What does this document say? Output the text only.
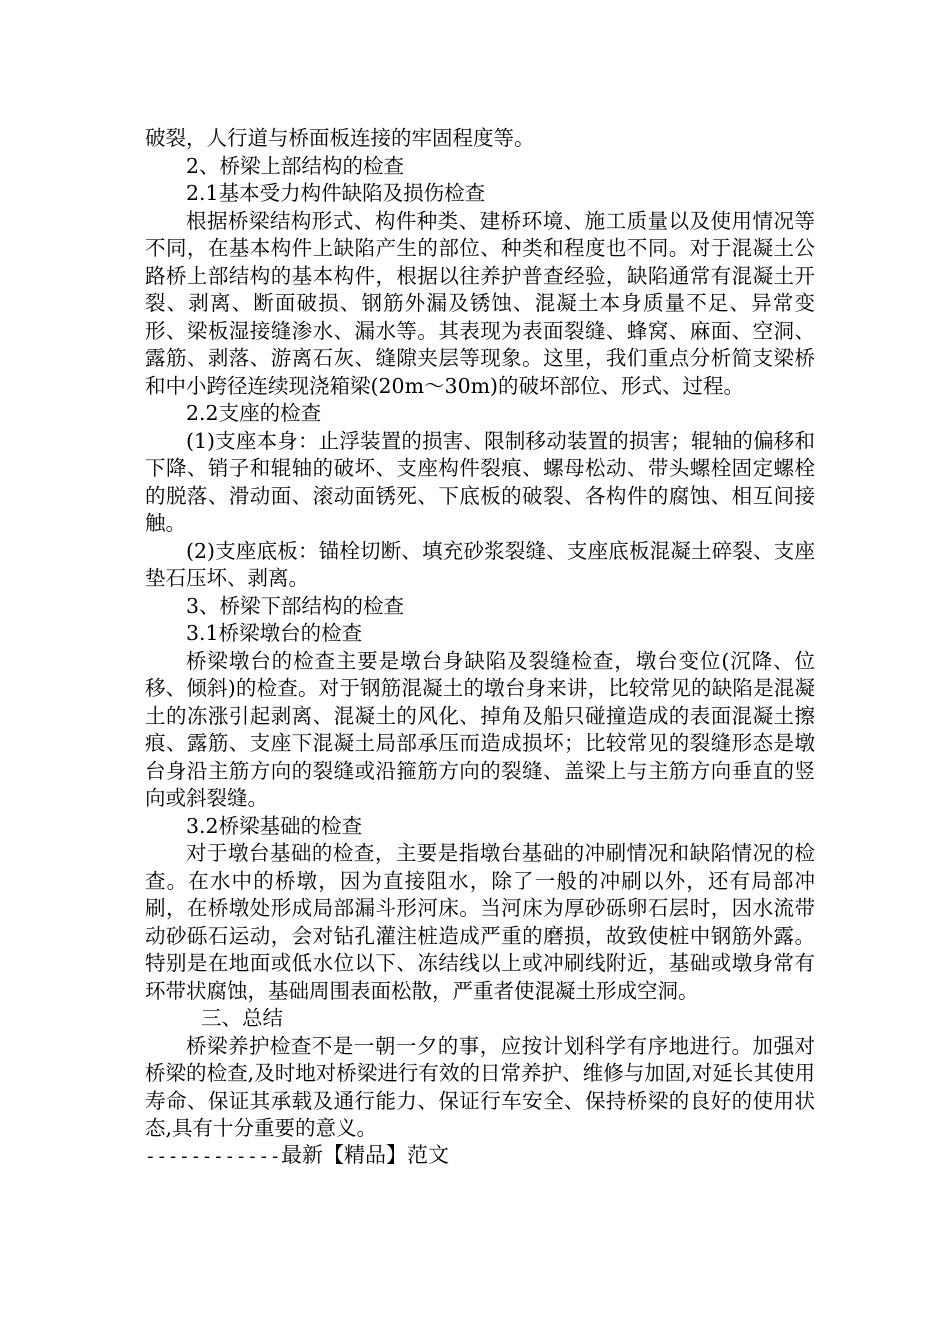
破裂，人行道与桥面板连接的牢固程度等。

2、桥梁上部结构的检查

2.1基本受力构件缺陷及损伤检查

根据桥梁结构形式、构件种类、建桥环境、施工质量以及使用情况等不同，在基本构件上缺陷产生的部位、种类和程度也不同。对于混凝土公路桥上部结构的基本构件，根据以往养护普查经验，缺陷通常有混凝土开裂、剥离、断面破损、钢筋外漏及锈蚀、混凝土本身质量不足、异常变形、梁板湿接缝渗水、漏水等。其表现为表面裂缝、蜂窝、麻面、空洞、露筋、剥落、游离石灰、缝隙夹层等现象。这里，我们重点分析简支梁桥和中小跨径连续现浇箱梁(20m～30m)的破坏部位、形式、过程。

2.2支座的检查

(1)支座本身：止浮装置的损害、限制移动装置的损害；辊轴的偏移和下降、销子和辊轴的破坏、支座构件裂痕、螺母松动、带头螺栓固定螺栓的脱落、滑动面、滚动面锈死、下底板的破裂、各构件的腐蚀、相互间接触。

(2)支座底板：锚栓切断、填充砂浆裂缝、支座底板混凝土碎裂、支座垫石压坏、剥离。

3、桥梁下部结构的检查

3.1桥梁墩台的检查

桥梁墩台的检查主要是墩台身缺陷及裂缝检查，墩台变位(沉降、位移、倾斜)的检查。对于钢筋混凝土的墩台身来讲，比较常见的缺陷是混凝土的冻涨引起剥离、混凝土的风化、掉角及船只碰撞造成的表面混凝土擦痕、露筋、支座下混凝土局部承压而造成损坏；比较常见的裂缝形态是墩台身沿主筋方向的裂缝或沿箍筋方向的裂缝、盖梁上与主筋方向垂直的竖向或斜裂缝。

3.2桥梁基础的检查

对于墩台基础的检查，主要是指墩台基础的冲刷情况和缺陷情况的检查。在水中的桥墩，因为直接阻水，除了一般的冲刷以外，还有局部冲刷，在桥墩处形成局部漏斗形河床。当河床为厚砂砾卵石层时，因水流带动砂砾石运动，会对钻孔灌注桩造成严重的磨损，故致使桩中钢筋外露。特别是在地面或低水位以下、冻结线以上或冲刷线附近，基础或墩身常有环带状腐蚀，基础周围表面松散，严重者使混凝土形成空洞。

三、总结

桥梁养护检查不是一朝一夕的事，应按计划科学有序地进行。加强对桥梁的检查,及时地对桥梁进行有效的日常养护、维修与加固,对延长其使用寿命、保证其承载及通行能力、保证行车安全、保持桥梁的良好的使用状态,具有十分重要的意义。

------------最新【精品】范文
